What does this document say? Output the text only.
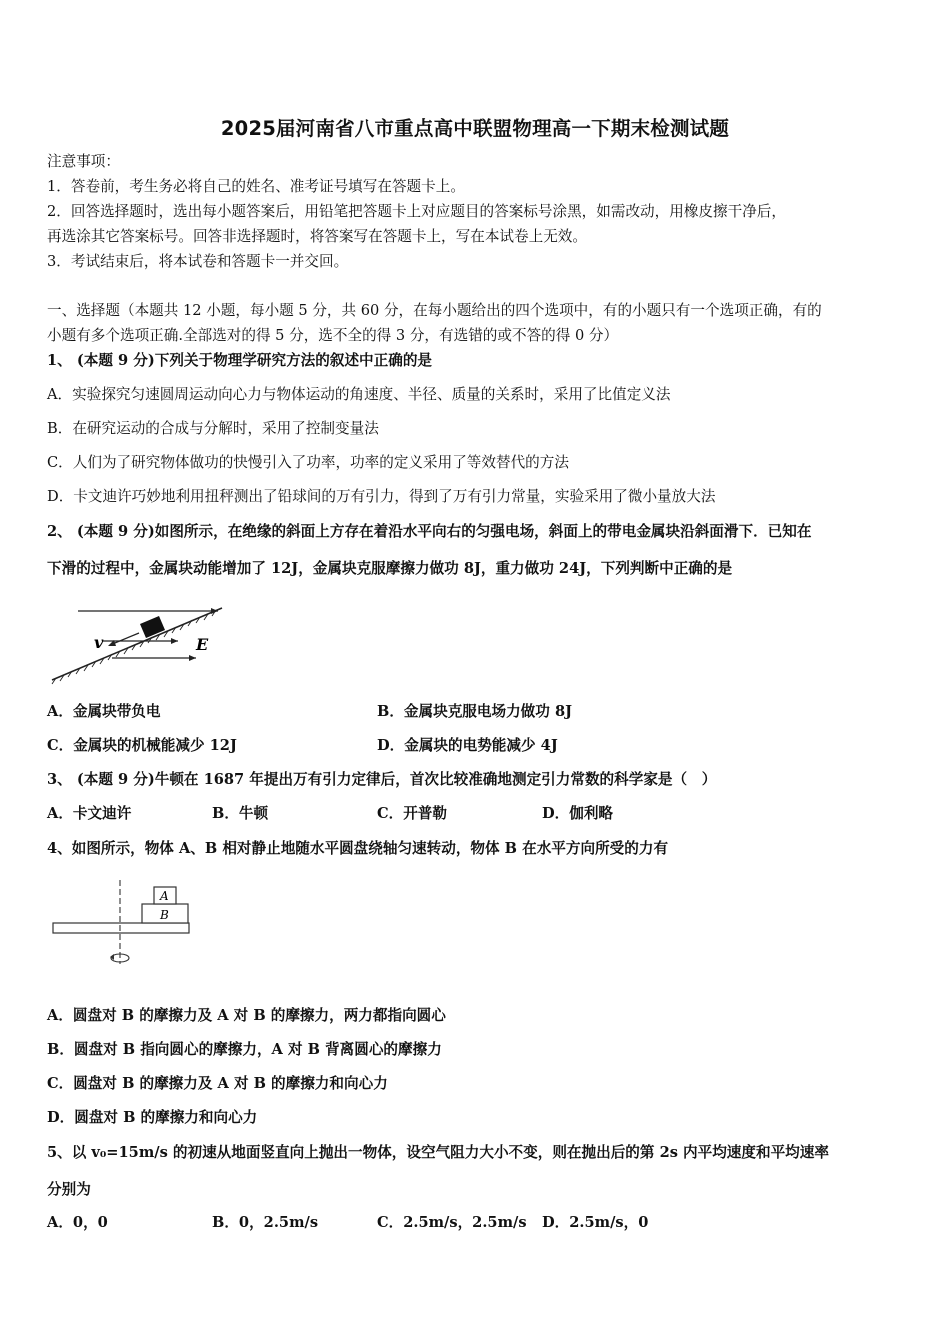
2025届河南省八市重点高中联盟物理高一下期末检测试题
注意事项：
1．答卷前，考生务必将自己的姓名、准考证号填写在答题卡上。
2．回答选择题时，选出每小题答案后，用铅笔把答题卡上对应题目的答案标号涂黑，如需改动，用橡皮擦干净后，
再选涂其它答案标号。回答非选择题时，将答案写在答题卡上，写在本试卷上无效。
3．考试结束后，将本试卷和答题卡一并交回。
一、选择题（本题共 12 小题，每小题 5 分，共 60 分，在每小题给出的四个选项中，有的小题只有一个选项正确，有的
小题有多个选项正确.全部选对的得 5 分，选不全的得 3 分，有选错的或不答的得 0 分）
1、 (本题 9 分)下列关于物理学研究方法的叙述中正确的是
A．实验探究匀速圆周运动向心力与物体运动的角速度、半径、质量的关系时，采用了比值定义法
B．在研究运动的合成与分解时，采用了控制变量法
C．人们为了研究物体做功的快慢引入了功率，功率的定义采用了等效替代的方法
D．卡文迪许巧妙地利用扭秤测出了铅球间的万有引力，得到了万有引力常量，实验采用了微小量放大法
2、 (本题 9 分)如图所示，在绝缘的斜面上方存在着沿水平向右的匀强电场，斜面上的带电金属块沿斜面滑下．已知在
下滑的过程中，金属块动能增加了 12J，金属块克服摩擦力做功 8J，重力做功 24J，下列判断中正确的是
v	E
A．金属块带负电	B．金属块克服电场力做功 8J
C．金属块的机械能减少 12J	D．金属块的电势能减少 4J
3、 (本题 9 分)牛顿在 1687 年提出万有引力定律后，首次比较准确地测定引力常数的科学家是（　）
A．卡文迪许	B．牛顿	C．开普勒	D．伽利略
4、如图所示，物体 A、B 相对静止地随水平圆盘绕轴匀速转动，物体 B 在水平方向所受的力有
A
B
A．圆盘对 B 的摩擦力及 A 对 B 的摩擦力，两力都指向圆心
B．圆盘对 B 指向圆心的摩擦力，A 对 B 背离圆心的摩擦力
C．圆盘对 B 的摩擦力及 A 对 B 的摩擦力和向心力
D．圆盘对 B 的摩擦力和向心力
5、以 v₀=15m/s 的初速从地面竖直向上抛出一物体，设空气阻力大小不变，则在抛出后的第 2s 内平均速度和平均速率
分别为
A．0，0	B．0，2.5m/s	C．2.5m/s，2.5m/s D．2.5m/s，0
